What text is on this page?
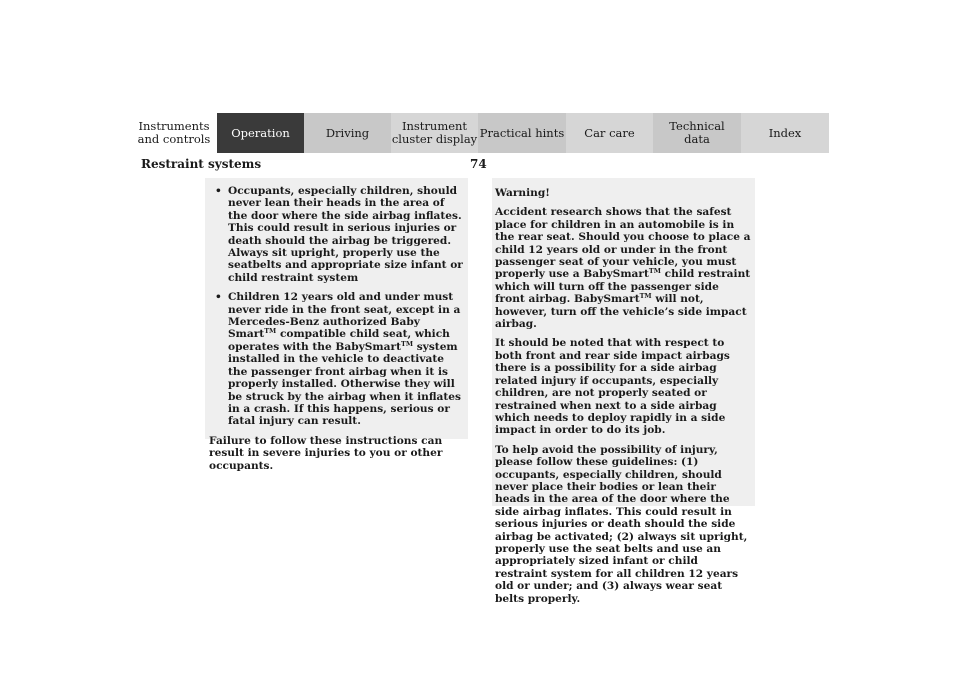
Instruments
and controls	Operation	Driving	Instrument
cluster display Practical hints	Car care	Technical
data	Index
Restraint systems	74
• Occupants, especially children, should never lean their heads in the area of the door where the side airbag inflates. This could result in serious injuries or death should the airbag be triggered. Always sit upright, properly use the seatbelts and appropriate size infant or child restraint system
• Children 12 years old and under must never ride in the front seat, except in a Mercedes-Benz authorized Baby Smart™ compatible child seat, which operates with the BabySmart™ system installed in the vehicle to deactivate the passenger front airbag when it is properly installed. Otherwise they will be struck by the airbag when it inflates in a crash. If this happens, serious or fatal injury can result.

Failure to follow these instructions can result in severe injuries to you or other occupants.

Warning!

Accident research shows that the safest place for children in an automobile is in the rear seat. Should you choose to place a child 12 years old or under in the front passenger seat of your vehicle, you must properly use a BabySmart™ child restraint which will turn off the passenger side front airbag. BabySmart™ will not, however, turn off the vehicle’s side impact airbag.

It should be noted that with respect to both front and rear side impact airbags there is a possibility for a side airbag related injury if occupants, especially children, are not properly seated or restrained when next to a side airbag which needs to deploy rapidly in a side impact in order to do its job.

To help avoid the possibility of injury, please follow these guidelines: (1) occupants, especially children, should never place their bodies or lean their heads in the area of the door where the side airbag inflates. This could result in serious injuries or death should the side airbag be activated; (2) always sit upright, properly use the seat belts and use an appropriately sized infant or child restraint system for all children 12 years old or under; and (3) always wear seat belts properly.
